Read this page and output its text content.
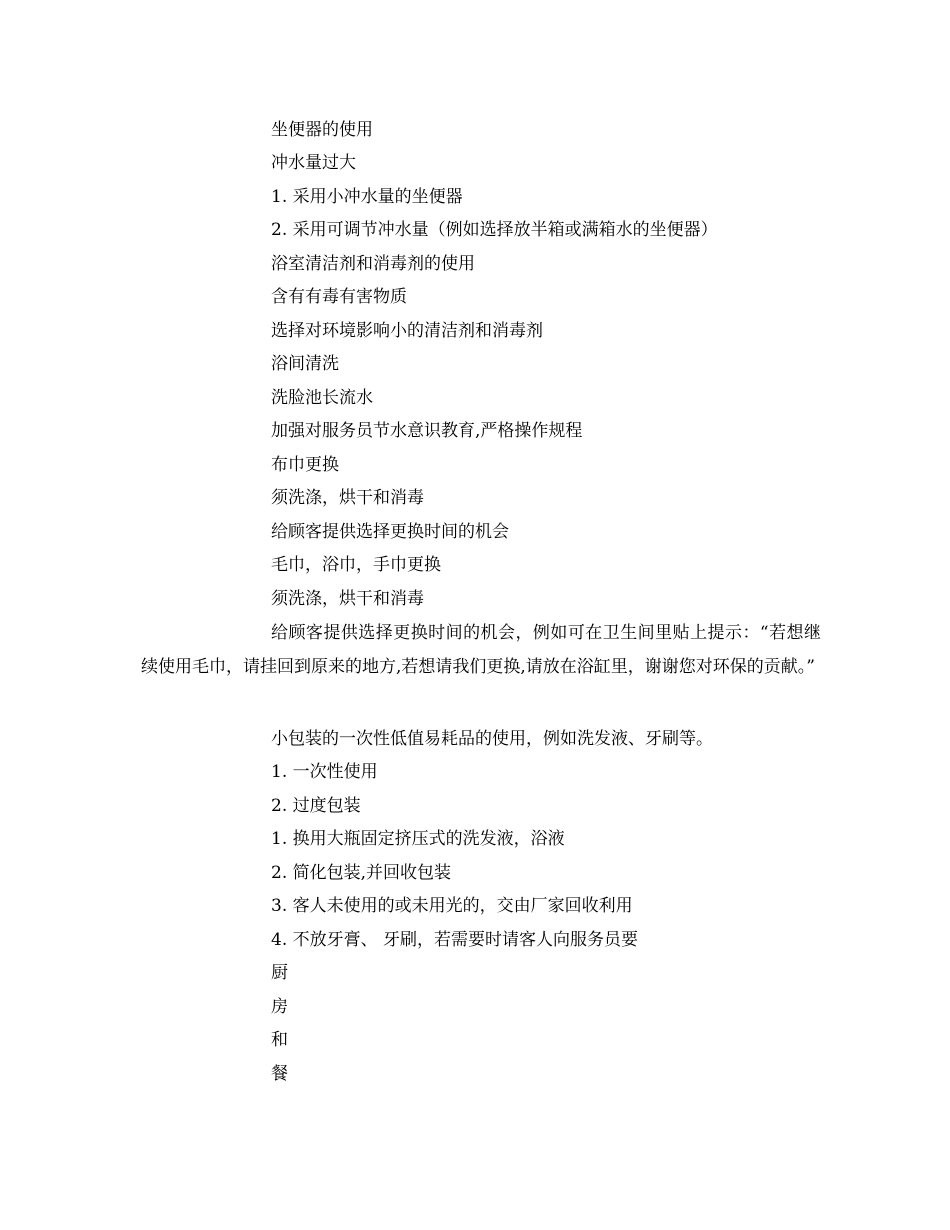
坐便器的使用
冲水量过大
1. 采用小冲水量的坐便器
2. 采用可调节冲水量（例如选择放半箱或满箱水的坐便器）
浴室清洁剂和消毒剂的使用
含有有毒有害物质
选择对环境影响小的清洁剂和消毒剂
浴间清洗
洗脸池长流水
加强对服务员节水意识教育,严格操作规程
布巾更换
须洗涤，烘干和消毒
给顾客提供选择更换时间的机会
毛巾，浴巾，手巾更换
须洗涤，烘干和消毒
给顾客提供选择更换时间的机会，例如可在卫生间里贴上提示：“若想继续使用毛巾，请挂回到原来的地方,若想请我们更换,请放在浴缸里，谢谢您对环保的贡献。”
小包装的一次性低值易耗品的使用，例如洗发液、牙刷等。
1. 一次性使用
2. 过度包装
1. 换用大瓶固定挤压式的洗发液，浴液
2. 简化包装,并回收包装
3. 客人未使用的或未用光的，交由厂家回收利用
4. 不放牙膏、 牙刷，若需要时请客人向服务员要
厨
房
和
餐
